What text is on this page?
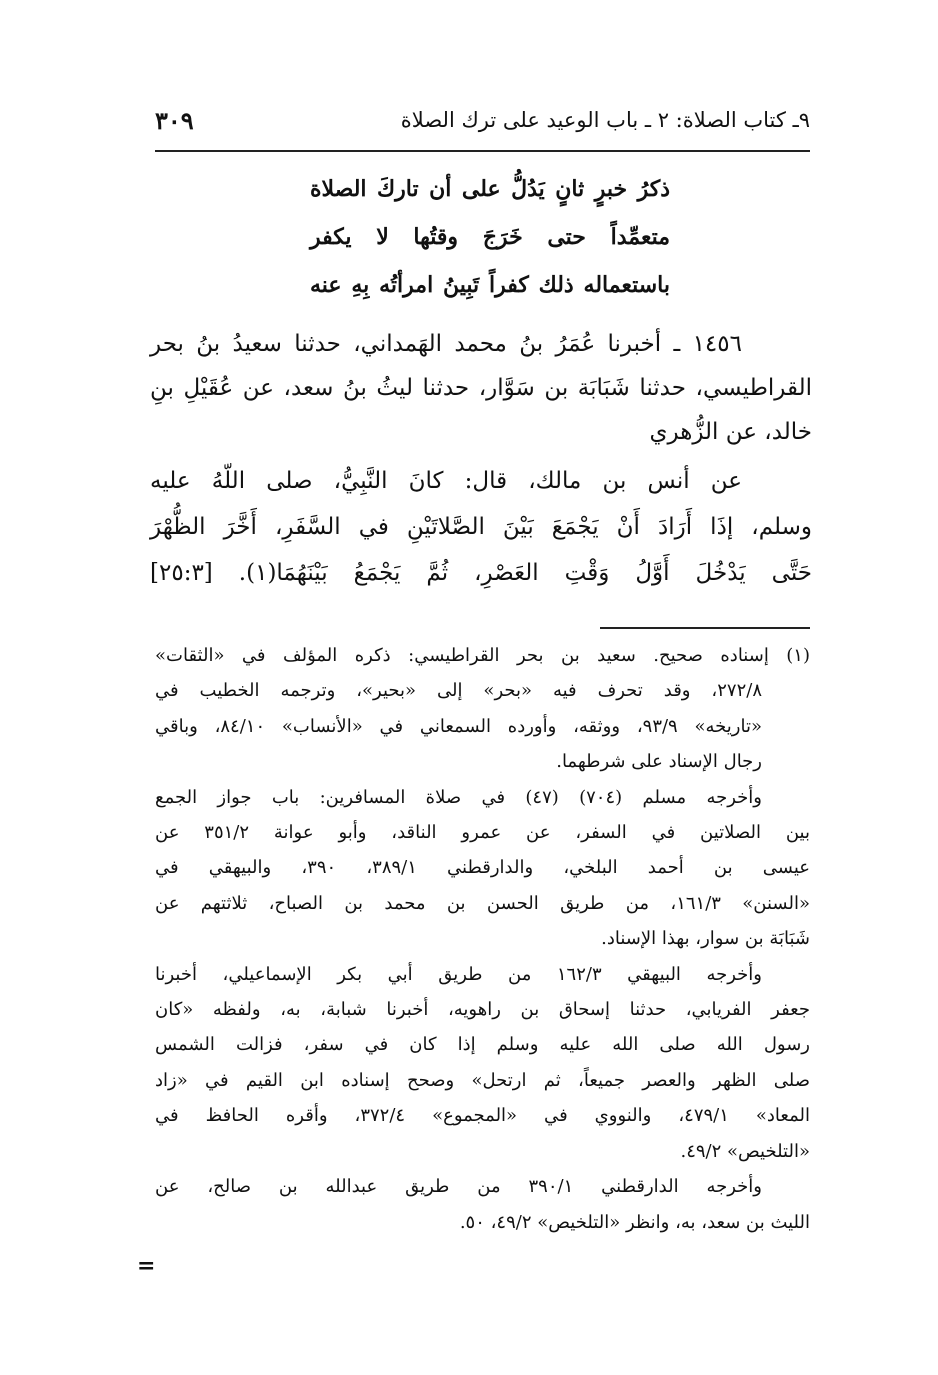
٩ـ كتاب الصلاة: ٢ ـ باب الوعيد على ترك الصلاة
٣٠٩
ذكرُ خبرٍ ثانٍ يَدُلُّ على أن تاركَ الصلاة
متعمِّداً حتى خَرَجَ وقتُها لا يكفر
باستعماله ذلك كفراً تَبِينُ امرأتُه بِهِ عنه
١٤٥٦ ـ أخبرنا عُمَرُ بنُ محمد الهَمداني، حدثنا سعيدُ بنُ بحر
القراطيسي، حدثنا شَبَابَة بن سَوَّار، حدثنا ليثُ بنُ سعد، عن عُقَيْلِ بنِ
خالد، عن الزُّهري
عن أنس بن مالك، قال: كانَ النَّبِيُّ، صلى اللّهُ عليه
وسلم، إذَا أَرَادَ أَنْ يَجْمَعَ بَيْنَ الصَّلاتَيْنِ في السَّفَرِ، أَخَّرَ الظُّهْرَ
حَتَّى يَدْخُلَ أَوَّلُ وَقْتِ العَصْرِ، ثُمَّ يَجْمَعُ بَيْنَهُمَا(١). [٢٥:٣]
(١) إسناده صحيح. سعيد بن بحر القراطيسي: ذكره المؤلف في «الثقات»
٢٧٢/٨، وقد تحرف فيه «بحر» إلى «بحير»، وترجمه الخطيب في
«تاريخه» ٩٣/٩، ووثقه، وأورده السمعاني في «الأنساب» ٨٤/١٠، وباقي
رجال الإسناد على شرطهما.
وأخرجه مسلم (٧٠٤) (٤٧) في صلاة المسافرين: باب جواز الجمع
بين الصلاتين في السفر، عن عمرو الناقد، وأبو عوانة ٣٥١/٢ عن
عيسى بن أحمد البلخي، والدارقطني ٣٨٩/١، ٣٩٠، والبيهقي في
«السنن» ١٦١/٣، من طريق الحسن بن محمد بن الصباح، ثلاثتهم عن
شَبَابَة بن سوار، بهذا الإسناد.
وأخرجه البيهقي ١٦٢/٣ من طريق أبي بكر الإسماعيلي، أخبرنا
جعفر الفريابي، حدثنا إسحاق بن راهويه، أخبرنا شبابة، به، ولفظه «كان
رسول الله صلى الله عليه وسلم إذا كان في سفر، فزالت الشمس
صلى الظهر والعصر جميعاً، ثم ارتحل» وصحح إسناده ابن القيم في «زاد
المعاد» ٤٧٩/١، والنووي في «المجموع» ٣٧٢/٤، وأقره الحافظ في
«التلخيص» ٤٩/٢.
وأخرجه الدارقطني ٣٩٠/١ من طريق عبدالله بن صالح، عن
الليث بن سعد، به، وانظر «التلخيص» ٤٩/٢، ٥٠.
=
